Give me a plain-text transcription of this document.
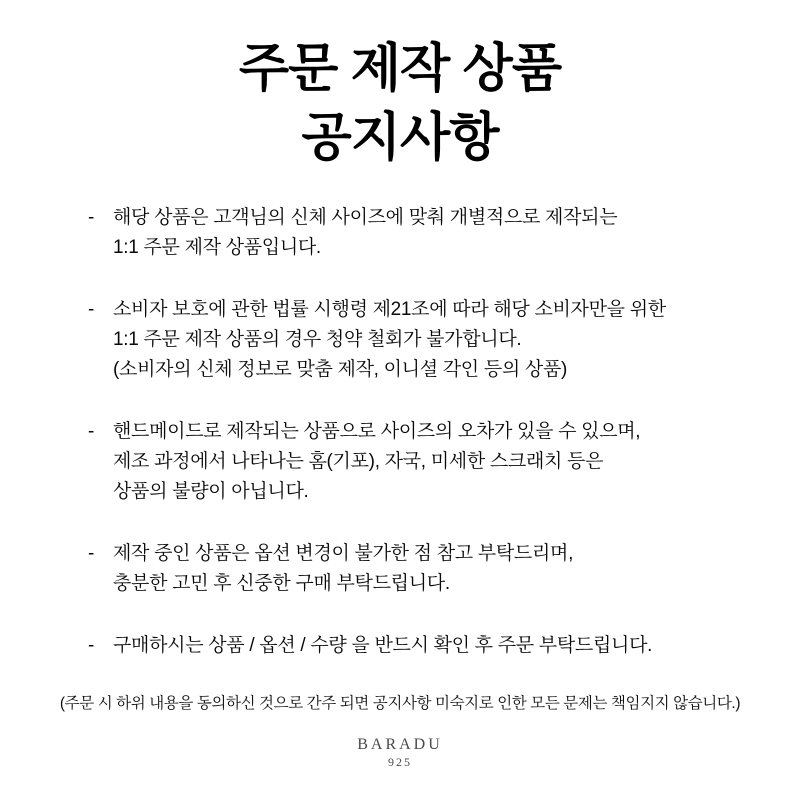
주문 제작 상품
공지사항
- 해당 상품은 고객님의 신체 사이즈에 맞춰 개별적으로 제작되는
1:1 주문 제작 상품입니다.
- 소비자 보호에 관한 법률 시행령 제21조에 따라 해당 소비자만을 위한
1:1 주문 제작 상품의 경우 청약 철회가 불가합니다.
(소비자의 신체 정보로 맞춤 제작, 이니셜 각인 등의 상품)
- 핸드메이드로 제작되는 상품으로 사이즈의 오차가 있을 수 있으며,
제조 과정에서 나타나는 홈(기포), 자국, 미세한 스크래치 등은
상품의 불량이 아닙니다.
- 제작 중인 상품은 옵션 변경이 불가한 점 참고 부탁드리며,
충분한 고민 후 신중한 구매 부탁드립니다.
- 구매하시는 상품 / 옵션 / 수량 을 반드시 확인 후 주문 부탁드립니다.
(주문 시 하위 내용을 동의하신 것으로 간주 되면 공지사항 미숙지로 인한 모든 문제는 책임지지 않습니다.)
BARADU
925
